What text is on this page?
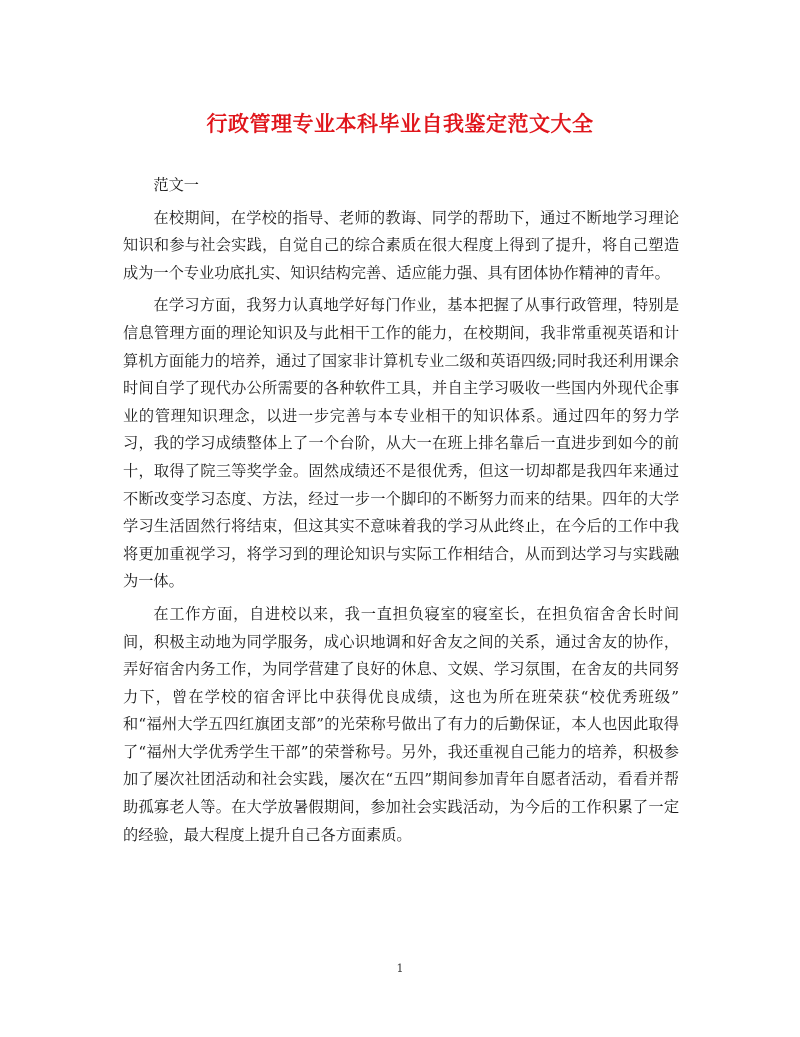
行政管理专业本科毕业自我鉴定范文大全

范文一

在校期间，在学校的指导、老师的教诲、同学的帮助下，通过不断地学习理论知识和参与社会实践，自觉自己的综合素质在很大程度上得到了提升，将自己塑造成为一个专业功底扎实、知识结构完善、适应能力强、具有团体协作精神的青年。

在学习方面，我努力认真地学好每门作业，基本把握了从事行政管理，特别是信息管理方面的理论知识及与此相干工作的能力，在校期间，我非常重视英语和计算机方面能力的培养，通过了国家非计算机专业二级和英语四级;同时我还利用课余时间自学了现代办公所需要的各种软件工具，并自主学习吸收一些国内外现代企事业的管理知识理念，以进一步完善与本专业相干的知识体系。通过四年的努力学习，我的学习成绩整体上了一个台阶，从大一在班上排名靠后一直进步到如今的前十，取得了院三等奖学金。固然成绩还不是很优秀，但这一切却都是我四年来通过不断改变学习态度、方法，经过一步一个脚印的不断努力而来的结果。四年的大学学习生活固然行将结束，但这其实不意味着我的学习从此终止，在今后的工作中我将更加重视学习，将学习到的理论知识与实际工作相结合，从而到达学习与实践融为一体。

在工作方面，自进校以来，我一直担负寝室的寝室长，在担负宿舍舍长时间间，积极主动地为同学服务，成心识地调和好舍友之间的关系，通过舍友的协作，弄好宿舍内务工作，为同学营建了良好的休息、文娱、学习氛围，在舍友的共同努力下，曾在学校的宿舍评比中获得优良成绩，这也为所在班荣获“校优秀班级” 和“福州大学五四红旗团支部”的光荣称号做出了有力的后勤保证，本人也因此取得了“福州大学优秀学生干部”的荣誉称号。另外，我还重视自己能力的培养，积极参加了屡次社团活动和社会实践，屡次在“五四”期间参加青年自愿者活动，看看并帮助孤寡老人等。在大学放暑假期间，参加社会实践活动，为今后的工作积累了一定的经验，最大程度上提升自己各方面素质。

1
